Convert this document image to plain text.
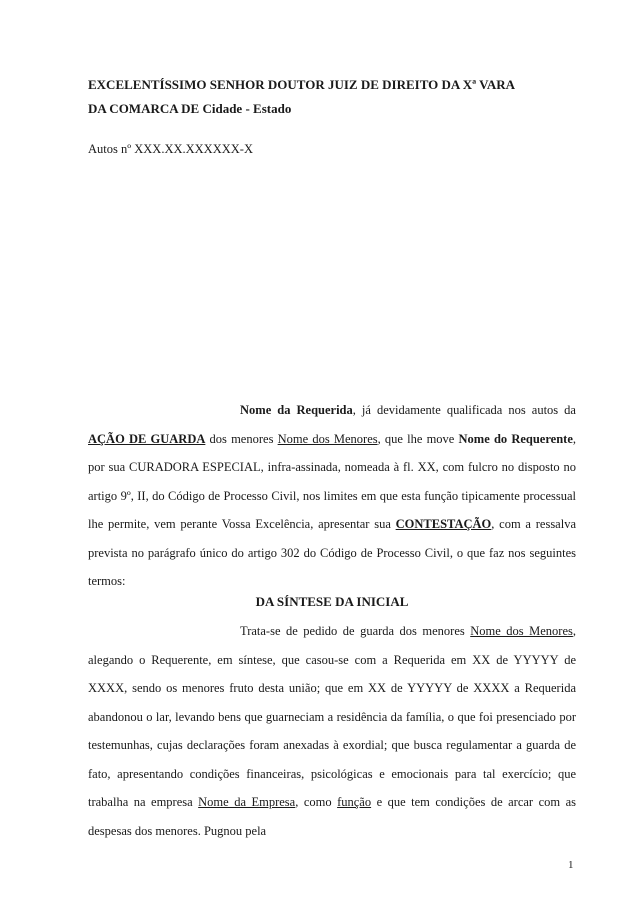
EXCELENTÍSSIMO SENHOR DOUTOR JUIZ DE DIREITO DA Xª VARA
DA COMARCA DE Cidade - Estado
Autos nº XXX.XX.XXXXXX-X
Nome da Requerida, já devidamente qualificada nos autos da AÇÃO DE GUARDA dos menores Nome dos Menores, que lhe move Nome do Requerente, por sua CURADORA ESPECIAL, infra-assinada, nomeada à fl. XX, com fulcro no disposto no artigo 9º, II, do Código de Processo Civil, nos limites em que esta função tipicamente processual lhe permite, vem perante Vossa Excelência, apresentar sua CONTESTAÇÃO, com a ressalva prevista no parágrafo único do artigo 302 do Código de Processo Civil, o que faz nos seguintes termos:
DA SÍNTESE DA INICIAL
Trata-se de pedido de guarda dos menores Nome dos Menores, alegando o Requerente, em síntese, que casou-se com a Requerida em XX de YYYYY de XXXX, sendo os menores fruto desta união; que em XX de YYYYY de XXXX a Requerida abandonou o lar, levando bens que guarneciam a residência da família, o que foi presenciado por testemunhas, cujas declarações foram anexadas à exordial; que busca regulamentar a guarda de fato, apresentando condições financeiras, psicológicas e emocionais para tal exercício; que trabalha na empresa Nome da Empresa, como função e que tem condições de arcar com as despesas dos menores. Pugnou pela
1
